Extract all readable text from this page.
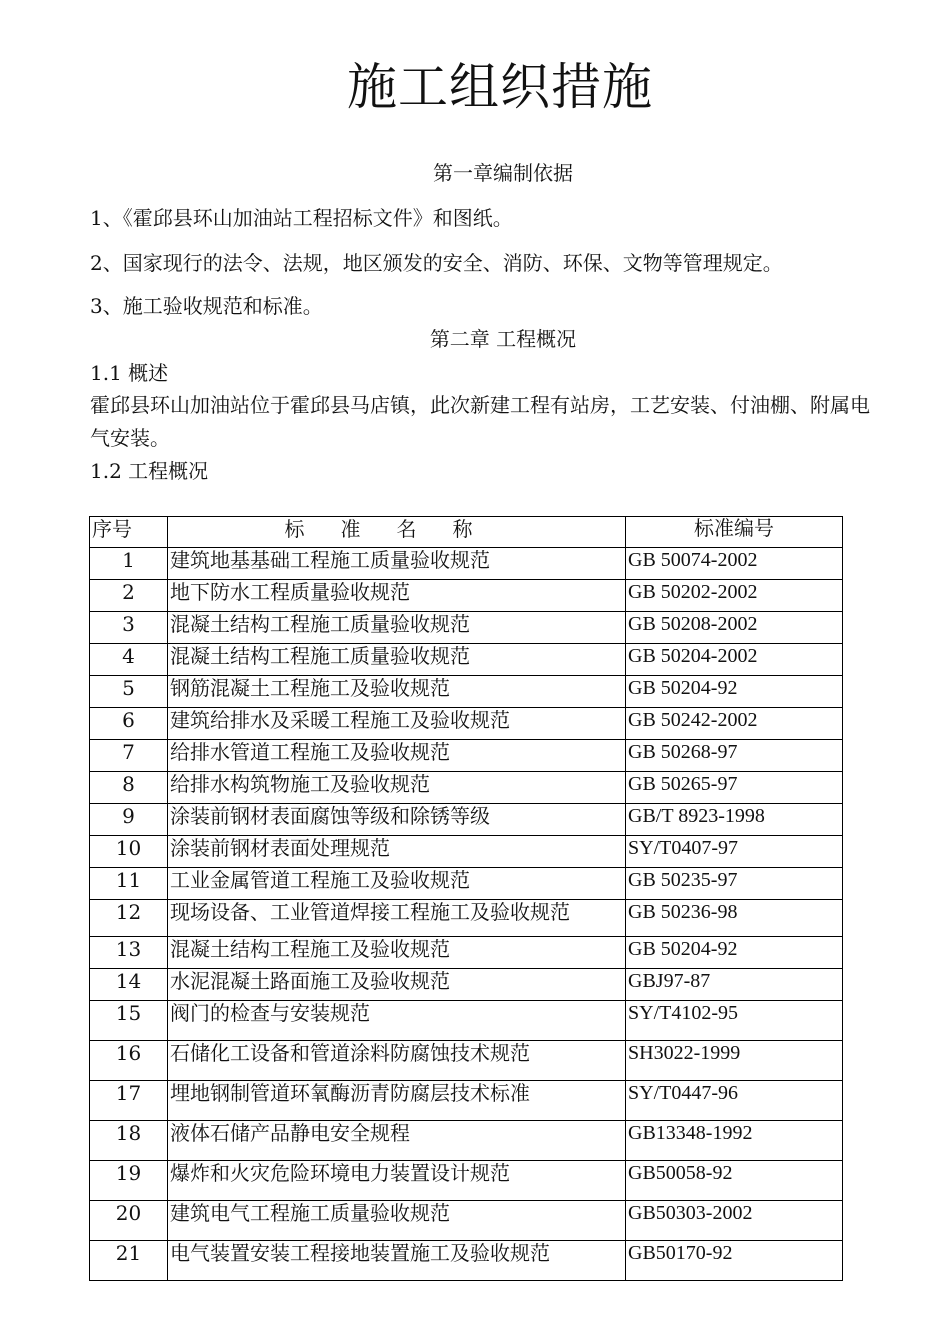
施工组织措施
第一章编制依据
1、《霍邱县环山加油站工程招标文件》和图纸。
2、国家现行的法令、法规，地区颁发的安全、消防、环保、文物等管理规定。
3、施工验收规范和标准。
第二章 工程概况
1.1 概述
霍邱县环山加油站位于霍邱县马店镇，此次新建工程有站房，工艺安装、付油棚、附属电气安装。
1.2 工程概况
序号	标准名称	标准编号
1	建筑地基基础工程施工质量验收规范	GB 50074-2002
2	地下防水工程质量验收规范	GB 50202-2002
3	混凝土结构工程施工质量验收规范	GB 50208-2002
4	混凝土结构工程施工质量验收规范	GB 50204-2002
5	钢筋混凝土工程施工及验收规范	GB 50204-92
6	建筑给排水及采暖工程施工及验收规范	GB 50242-2002
7	给排水管道工程施工及验收规范	GB 50268-97
8	给排水构筑物施工及验收规范	GB 50265-97
9	涂装前钢材表面腐蚀等级和除锈等级	GB/T 8923-1998
10	涂装前钢材表面处理规范	SY/T0407-97
11	工业金属管道工程施工及验收规范	GB 50235-97
12	现场设备、工业管道焊接工程施工及验收规范	GB 50236-98
13	混凝土结构工程施工及验收规范	GB 50204-92
14	水泥混凝土路面施工及验收规范	GBJ97-87
15	阀门的检查与安装规范	SY/T4102-95
16	石储化工设备和管道涂料防腐蚀技术规范	SH3022-1999
17	埋地钢制管道环氧酶沥青防腐层技术标准	SY/T0447-96
18	液体石储产品静电安全规程	GB13348-1992
19	爆炸和火灾危险环境电力装置设计规范	GB50058-92
20	建筑电气工程施工质量验收规范	GB50303-2002
21	电气装置安装工程接地装置施工及验收规范	GB50170-92
